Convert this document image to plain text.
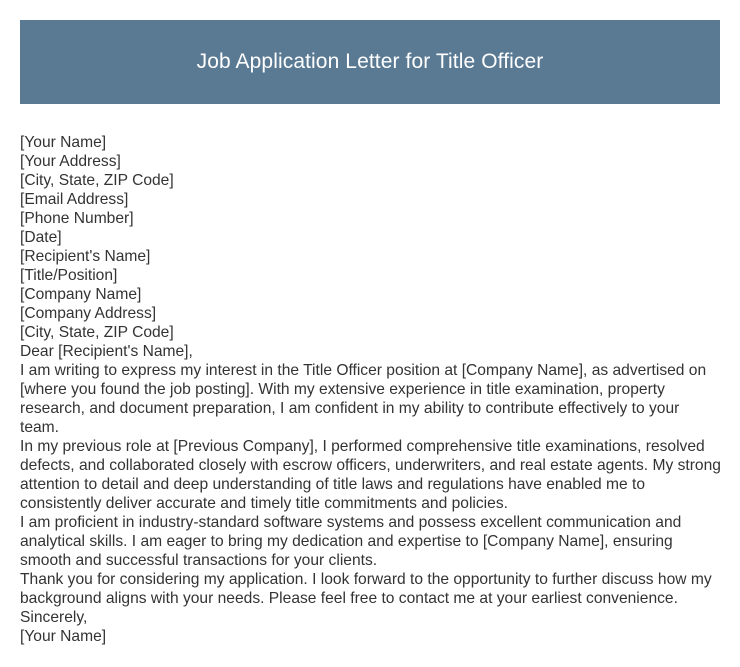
Job Application Letter for Title Officer
[Your Name]
[Your Address]
[City, State, ZIP Code]
[Email Address]
[Phone Number]
[Date]
[Recipient's Name]
[Title/Position]
[Company Name]
[Company Address]
[City, State, ZIP Code]
Dear [Recipient's Name],

I am writing to express my interest in the Title Officer position at [Company Name], as advertised on [where you found the job posting]. With my extensive experience in title examination, property research, and document preparation, I am confident in my ability to contribute effectively to your team.

In my previous role at [Previous Company], I performed comprehensive title examinations, resolved defects, and collaborated closely with escrow officers, underwriters, and real estate agents. My strong attention to detail and deep understanding of title laws and regulations have enabled me to consistently deliver accurate and timely title commitments and policies.

I am proficient in industry-standard software systems and possess excellent communication and analytical skills. I am eager to bring my dedication and expertise to [Company Name], ensuring smooth and successful transactions for your clients.

Thank you for considering my application. I look forward to the opportunity to further discuss how my background aligns with your needs. Please feel free to contact me at your earliest convenience.

Sincerely,
[Your Name]
